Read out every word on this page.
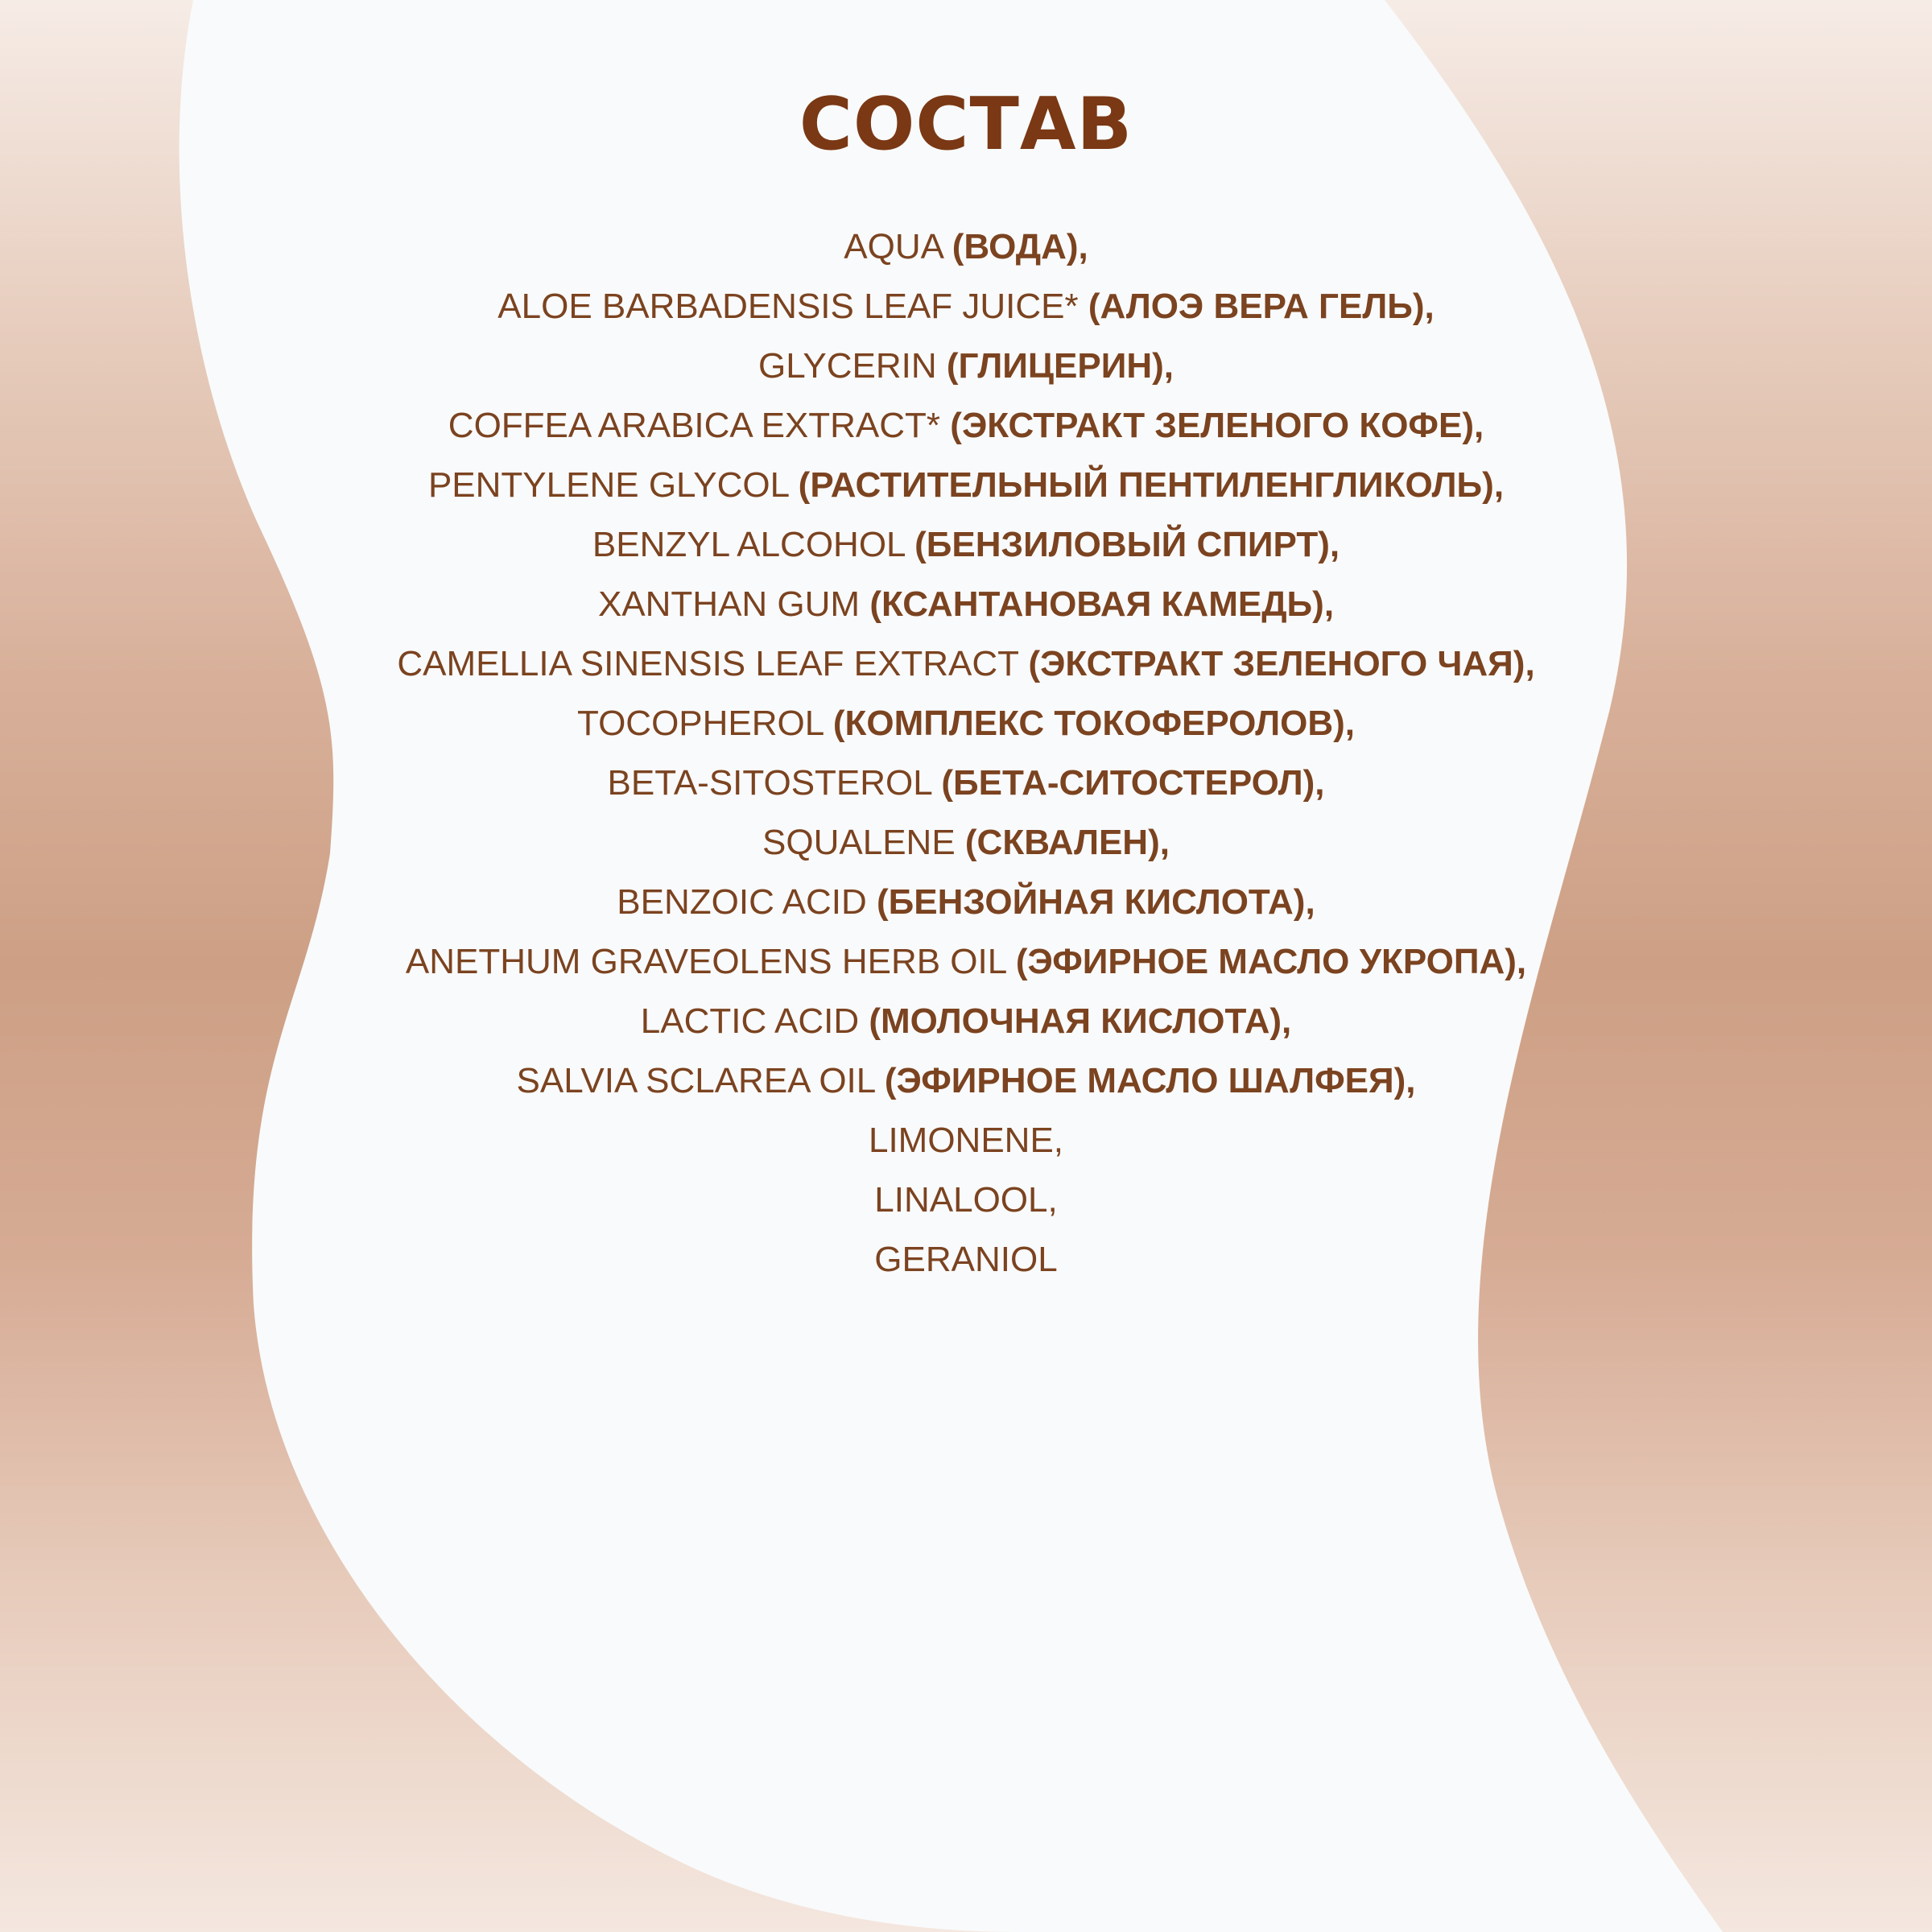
СОСТАВ
AQUA (ВОДА),
ALOE BARBADENSIS LEAF JUICE* (АЛОЭ ВЕРА ГЕЛЬ),
GLYCERIN (ГЛИЦЕРИН),
COFFEA ARABICA EXTRACT* (ЭКСТРАКТ ЗЕЛЕНОГО КОФЕ),
PENTYLENE GLYCOL (РАСТИТЕЛЬНЫЙ ПЕНТИЛЕНГЛИКОЛЬ),
BENZYL ALCOHOL (БЕНЗИЛОВЫЙ СПИРТ),
XANTHAN GUM (КСАНТАНОВАЯ КАМЕДЬ),
CAMELLIA SINENSIS LEAF EXTRACT (ЭКСТРАКТ ЗЕЛЕНОГО ЧАЯ),
TOCOPHEROL (КОМПЛЕКС ТОКОФЕРОЛОВ),
BETA-SITOSTEROL (БЕТА-СИТОСТЕРОЛ),
SQUALENE (СКВАЛЕН),
BENZOIC ACID (БЕНЗОЙНАЯ КИСЛОТА),
ANETHUM GRAVEOLENS HERB OIL (ЭФИРНОЕ МАСЛО УКРОПА),
LACTIC ACID (МОЛОЧНАЯ КИСЛОТА),
SALVIA SCLAREA OIL (ЭФИРНОЕ МАСЛО ШАЛФЕЯ),
LIMONENE,
LINALOOL,
GERANIOL
